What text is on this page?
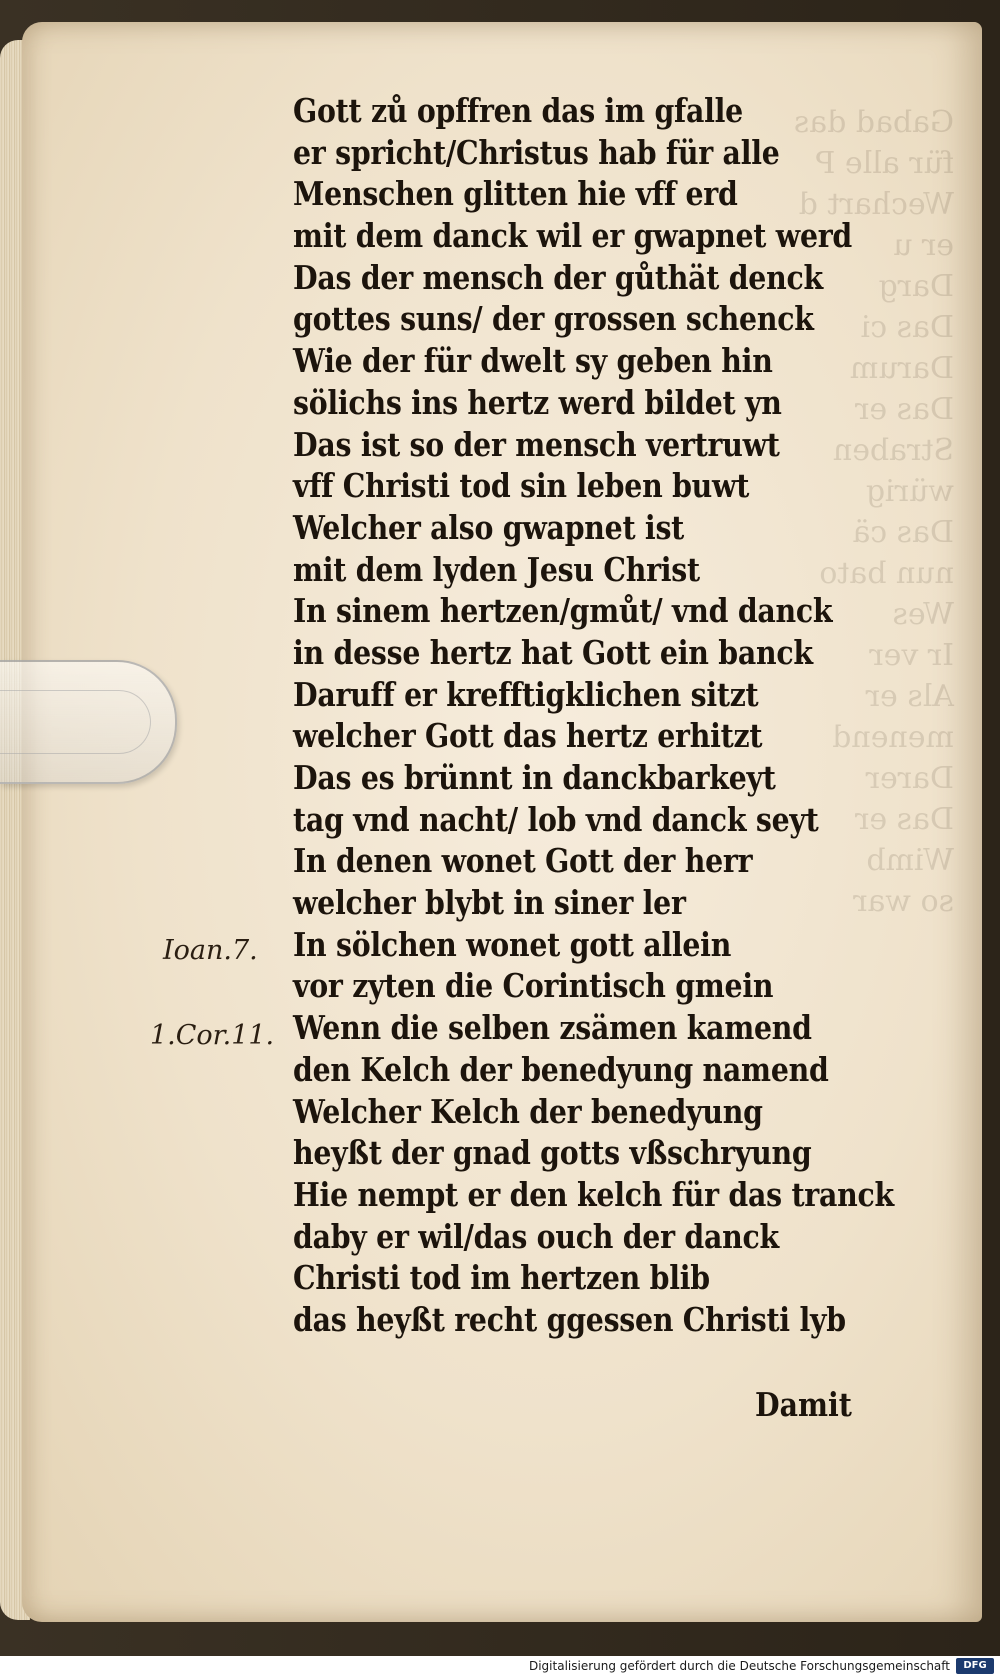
Gabad das
für alle P
Wechart d
er u
Darg
Das ci
Darum
Das er
Straben
würig
Das cä
nun bato
Wes
Ir ver
Als er
menend
Darer
Das er
Wimb
so war
Gott zů opffren das im gfalle
er spricht/Christus hab für alle
Menschen glitten hie vff erd
mit dem danck wil er gwapnet werd
Das der mensch der gůthät denck
gottes suns/ der grossen schenck
Wie der für dwelt sy geben hin
sölichs ins hertz werd bildet yn
Das ist so der mensch vertruwt
vff Christi tod sin leben buwt
Welcher also gwapnet ist
mit dem lyden Jesu Christ
In sinem hertzen/gmůt/ vnd danck
in desse hertz hat Gott ein banck
Daruff er krefftigklichen sitzt
welcher Gott das hertz erhitzt
Das es brünnt in danckbarkeyt
tag vnd nacht/ lob vnd danck seyt
In denen wonet Gott der herr
welcher blybt in siner ler
In sölchen wonet gott allein
vor zyten die Corintisch gmein
Wenn die selben zsämen kamend
den Kelch der benedyung namend
Welcher Kelch der benedyung
heyßt der gnad gotts vßschryung
Hie nempt er den kelch für das tranck
daby er wil/das ouch der danck
Christi tod im hertzen blib
das heyßt recht ggessen Christi lyb
Ioan.7.
1.Cor.11.
Damit
Digitalisierung gefördert durch die Deutsche Forschungsgemeinschaft	DFG
